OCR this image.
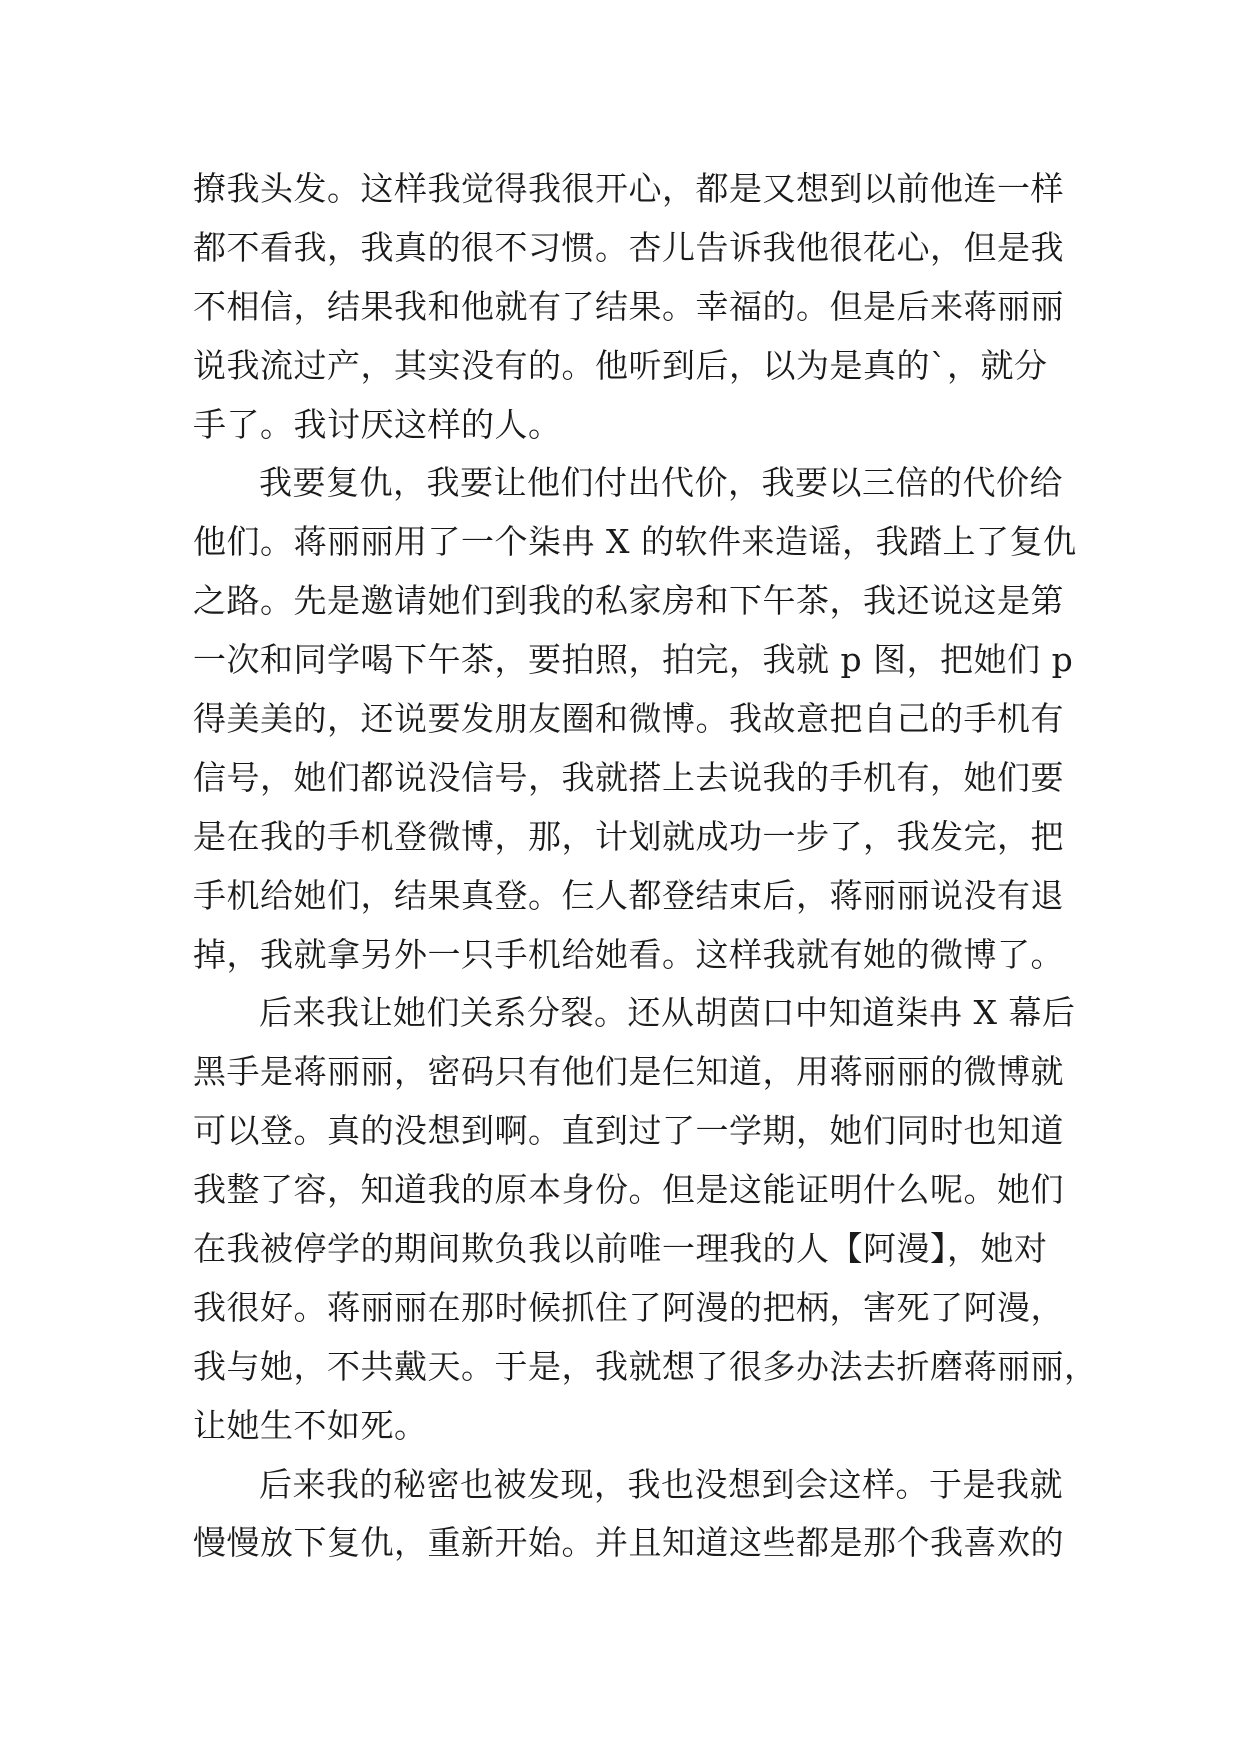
撩我头发。这样我觉得我很开心，都是又想到以前他连一样
都不看我，我真的很不习惯。杏儿告诉我他很花心，但是我
不相信，结果我和他就有了结果。幸福的。但是后来蒋丽丽
说我流过产，其实没有的。他听到后，以为是真的`，就分
手了。我讨厌这样的人。
我要复仇，我要让他们付出代价，我要以三倍的代价给
他们。蒋丽丽用了一个柒冉 X 的软件来造谣，我踏上了复仇
之路。先是邀请她们到我的私家房和下午茶，我还说这是第
一次和同学喝下午茶，要拍照，拍完，我就 p 图，把她们 p
得美美的，还说要发朋友圈和微博。我故意把自己的手机有
信号，她们都说没信号，我就搭上去说我的手机有，她们要
是在我的手机登微博，那，计划就成功一步了，我发完，把
手机给她们，结果真登。仨人都登结束后，蒋丽丽说没有退
掉，我就拿另外一只手机给她看。这样我就有她的微博了。
后来我让她们关系分裂。还从胡茵口中知道柒冉 X 幕后
黑手是蒋丽丽，密码只有他们是仨知道，用蒋丽丽的微博就
可以登。真的没想到啊。直到过了一学期，她们同时也知道
我整了容，知道我的原本身份。但是这能证明什么呢。她们
在我被停学的期间欺负我以前唯一理我的人【阿漫】，她对
我很好。蒋丽丽在那时候抓住了阿漫的把柄，害死了阿漫，
我与她，不共戴天。于是，我就想了很多办法去折磨蒋丽丽，
让她生不如死。
后来我的秘密也被发现，我也没想到会这样。于是我就
慢慢放下复仇，重新开始。并且知道这些都是那个我喜欢的
